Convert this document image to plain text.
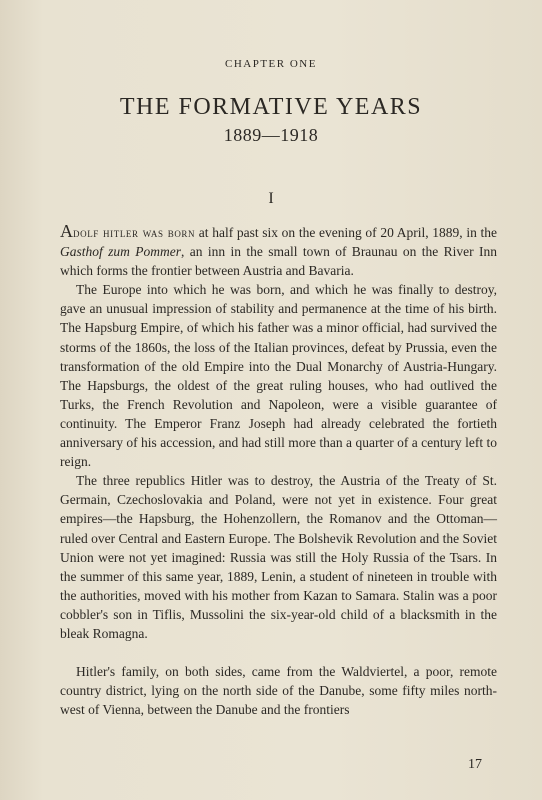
CHAPTER ONE
THE FORMATIVE YEARS
1889—1918
I

Adolf hitler was born at half past six on the evening of 20 April, 1889, in the Gasthof zum Pommer, an inn in the small town of Braunau on the River Inn which forms the frontier between Austria and Bavaria.

The Europe into which he was born, and which he was finally to destroy, gave an unusual impression of stability and permanence at the time of his birth. The Hapsburg Empire, of which his father was a minor official, had survived the storms of the 1860s, the loss of the Italian provinces, defeat by Prussia, even the transformation of the old Empire into the Dual Monarchy of Austria-Hungary. The Hapsburgs, the oldest of the great ruling houses, who had outlived the Turks, the French Revolution and Napoleon, were a visible guarantee of continuity. The Emperor Franz Joseph had already celebrated the fortieth anniversary of his accession, and had still more than a quarter of a century left to reign.

The three republics Hitler was to destroy, the Austria of the Treaty of St. Germain, Czechoslovakia and Poland, were not yet in existence. Four great empires—the Hapsburg, the Hohenzollern, the Romanov and the Ottoman—ruled over Central and Eastern Europe. The Bolshevik Revolution and the Soviet Union were not yet imagined: Russia was still the Holy Russia of the Tsars. In the summer of this same year, 1889, Lenin, a student of nineteen in trouble with the authorities, moved with his mother from Kazan to Samara. Stalin was a poor cobbler's son in Tiflis, Mussolini the six-year-old child of a blacksmith in the bleak Romagna.

Hitler's family, on both sides, came from the Waldviertel, a poor, remote country district, lying on the north side of the Danube, some fifty miles north-west of Vienna, between the Danube and the frontiers

17
